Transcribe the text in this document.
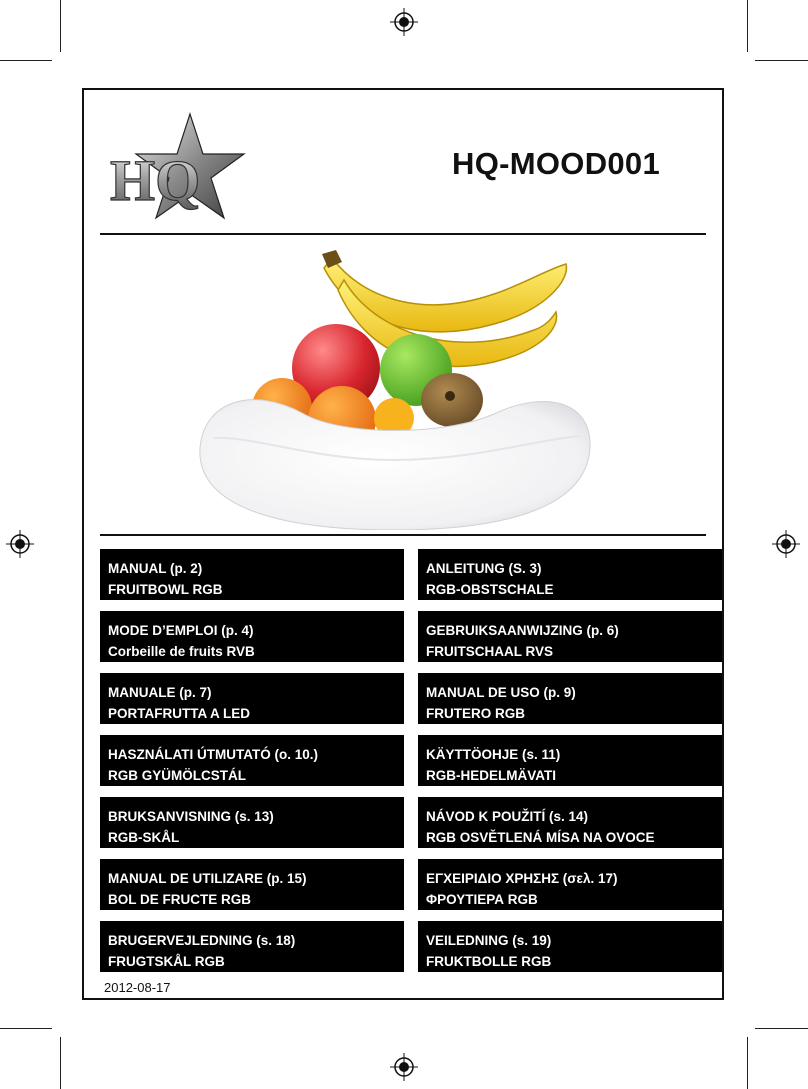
HQ	HQ-MOOD001
MANUAL (p. 2)
FRUITBOWL RGB
ANLEITUNG (S. 3)
RGB-OBSTSCHALE
MODE D’EMPLOI (p. 4)
Corbeille de fruits RVB
GEBRUIKSAANWIJZING (p. 6)
FRUITSCHAAL RVS
MANUALE (p. 7)
PORTAFRUTTA A LED
MANUAL DE USO (p. 9)
FRUTERO RGB
HASZNÁLATI ÚTMUTATÓ (o. 10.)
RGB GYÜMÖLCSTÁL
KÄYTTÖOHJE (s. 11)
RGB-HEDELMÄVATI
BRUKSANVISNING (s. 13)
RGB-SKÅL
NÁVOD K POUŽITÍ (s. 14)
RGB OSVĚTLENÁ MÍSA NA OVOCE
MANUAL DE UTILIZARE (p. 15)
BOL DE FRUCTE RGB
ΕΓΧΕΙΡΙΔΙΟ ΧΡΗΣΗΣ (σελ. 17)
ΦΡΟΥΤΙΕΡΑ RGB
BRUGERVEJLEDNING (s. 18)
FRUGTSKÅL RGB
VEILEDNING (s. 19)
FRUKTBOLLE RGB
2012-08-17
